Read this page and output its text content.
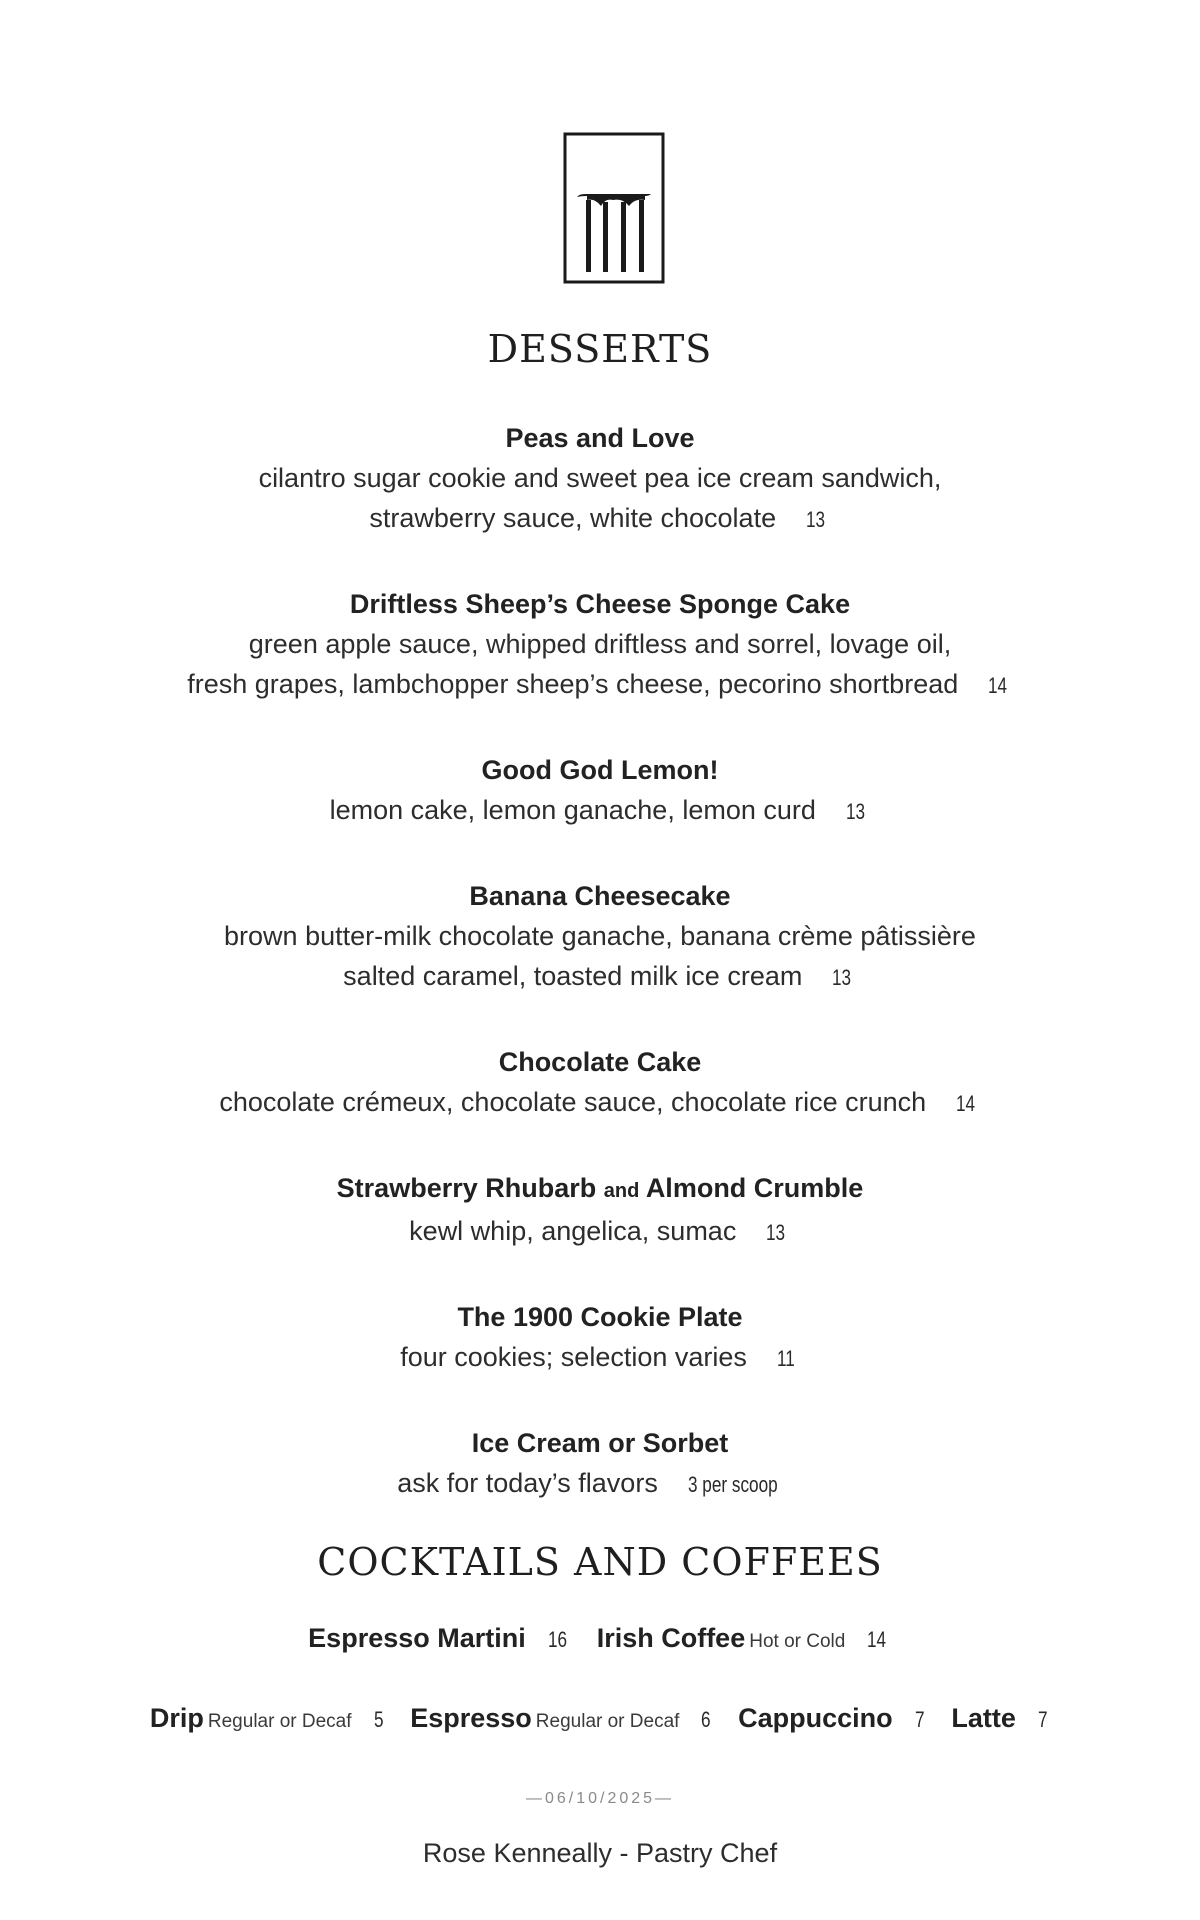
DESSERTS
Peas and Love
cilantro sugar cookie and sweet pea ice cream sandwich,
strawberry sauce, white chocolate 13
Driftless Sheep’s Cheese Sponge Cake
green apple sauce, whipped driftless and sorrel, lovage oil,
fresh grapes, lambchopper sheep’s cheese, pecorino shortbread 14
Good God Lemon!
lemon cake, lemon ganache, lemon curd 13
Banana Cheesecake
brown butter-milk chocolate ganache, banana crème pâtissière
salted caramel, toasted milk ice cream 13
Chocolate Cake
chocolate crémeux, chocolate sauce, chocolate rice crunch 14
Strawberry Rhubarb and Almond Crumble
kewl whip, angelica, sumac 13
The 1900 Cookie Plate
four cookies; selection varies 11
Ice Cream or Sorbet
ask for today’s flavors 3 per scoop
COCKTAILS AND COFFEES
Espresso Martini 16 Irish Coffee Hot or Cold 14
Drip Regular or Decaf 5 Espresso Regular or Decaf 6 Cappuccino 7 Latte 7
—06/10/2025—
Rose Kenneally - Pastry Chef
